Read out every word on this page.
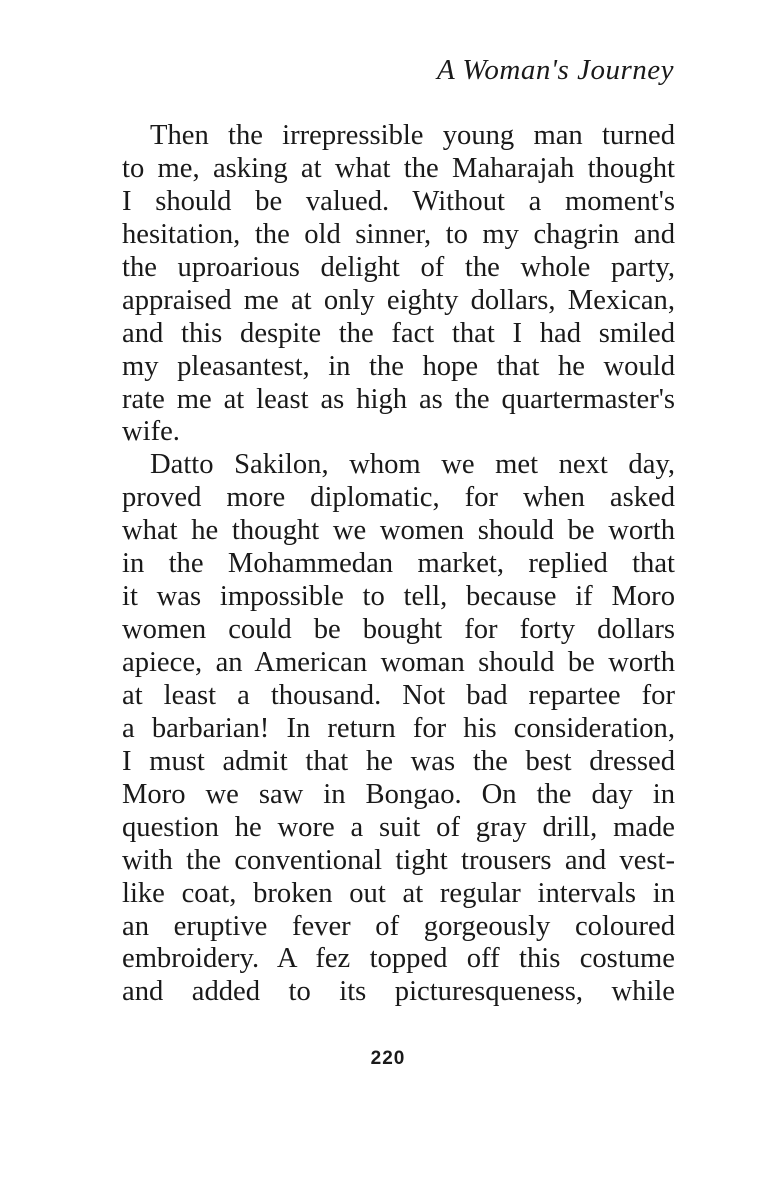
A Woman's Journey
Then the irrepressible young man turned
to me, asking at what the Maharajah thought
I should be valued. Without a moment's
hesitation, the old sinner, to my chagrin and
the uproarious delight of the whole party,
appraised me at only eighty dollars, Mexican,
and this despite the fact that I had smiled
my pleasantest, in the hope that he would
rate me at least as high as the quartermaster's
wife.
Datto Sakilon, whom we met next day,
proved more diplomatic, for when asked
what he thought we women should be worth
in the Mohammedan market, replied that
it was impossible to tell, because if Moro
women could be bought for forty dollars
apiece, an American woman should be worth
at least a thousand. Not bad repartee for
a barbarian! In return for his consideration,
I must admit that he was the best dressed
Moro we saw in Bongao. On the day in
question he wore a suit of gray drill, made
with the conventional tight trousers and vest-
like coat, broken out at regular intervals in
an eruptive fever of gorgeously coloured
embroidery. A fez topped off this costume
and added to its picturesqueness, while
220
